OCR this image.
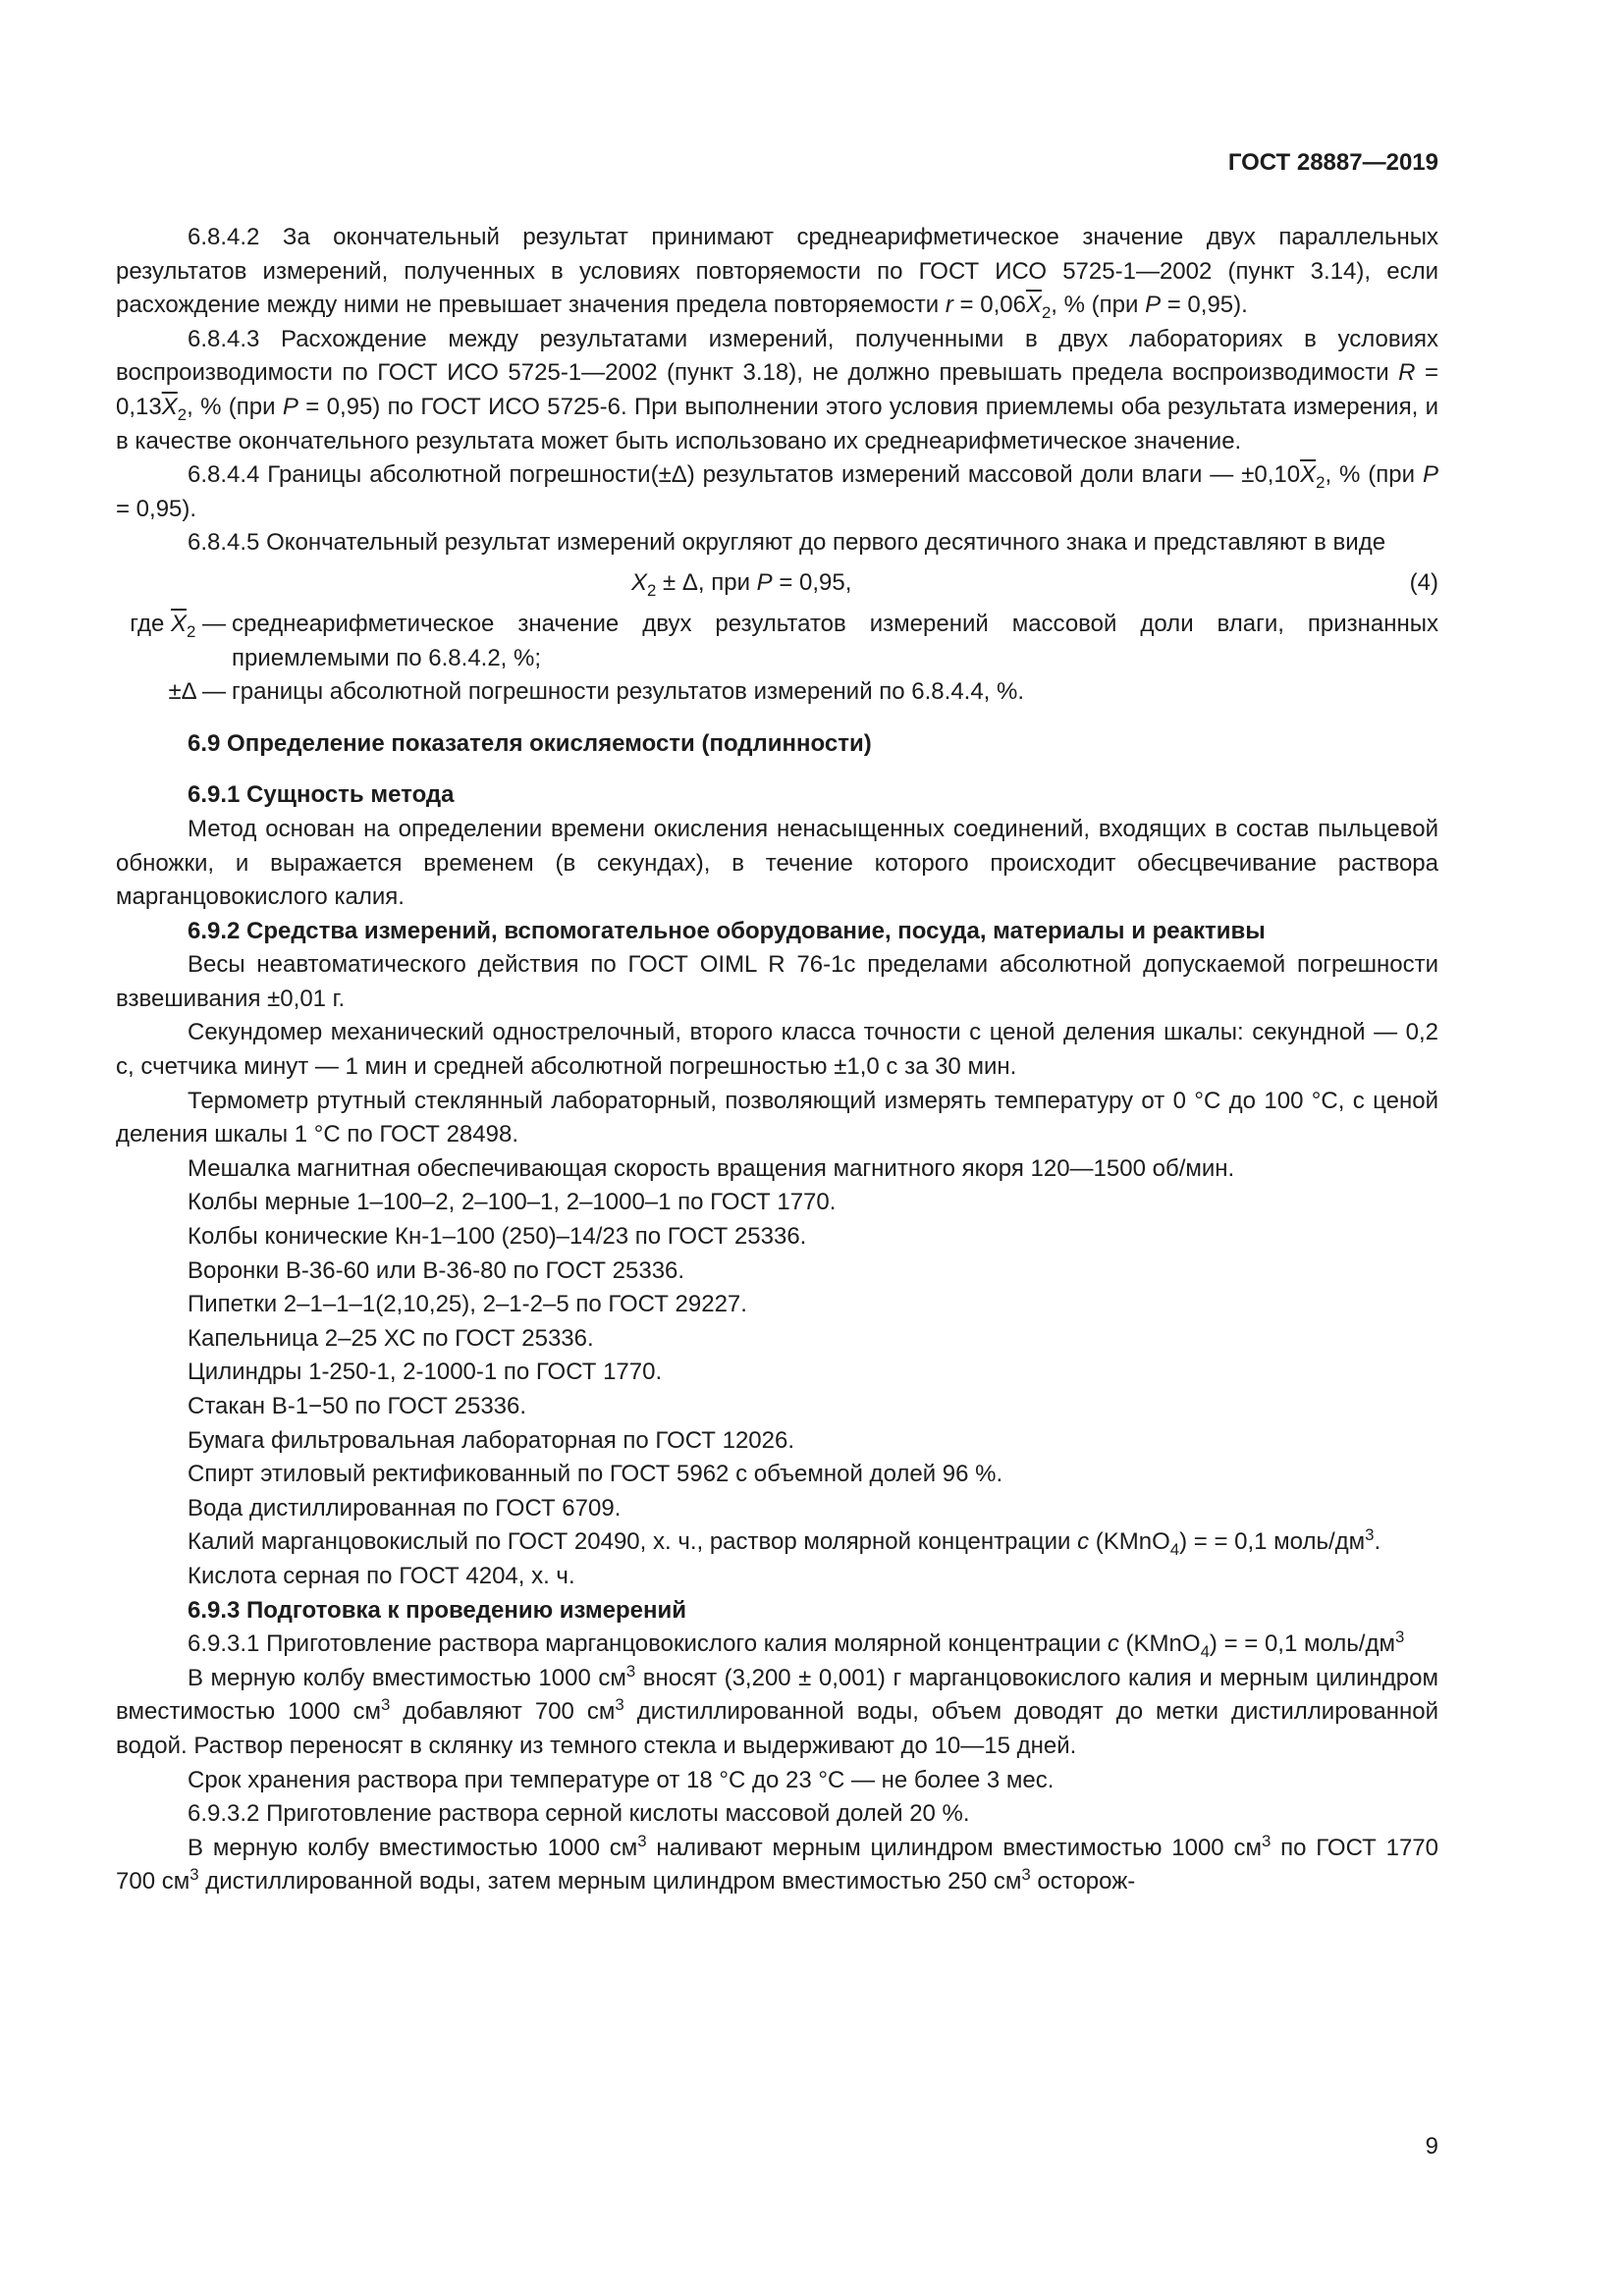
ГОСТ 28887—2019

6.8.4.2 За окончательный результат принимают среднеарифметическое значение двух параллельных результатов измерений, полученных в условиях повторяемости по ГОСТ ИСО 5725-1—2002 (пункт 3.14), если расхождение между ними не превышает значения предела повторяемости $r = 0,06\overline{X}_2$, % (при P = 0,95).

6.8.4.3 Расхождение между результатами измерений, полученными в двух лабораториях в условиях воспроизводимости по ГОСТ ИСО 5725-1—2002 (пункт 3.18), не должно превышать предела воспроизводимости $R = 0,13\overline{X}_2$, % (при P = 0,95) по ГОСТ ИСО 5725-6. При выполнении этого условия приемлемы оба результата измерения, и в качестве окончательного результата может быть использовано их среднеарифметическое значение.

6.8.4.4 Границы абсолютной погрешности(±Δ) результатов измерений массовой доли влаги — $\pm 0,10\overline{X}_2$, % (при P = 0,95).

6.8.4.5 Окончательный результат измерений округляют до первого десятичного знака и представляют в виде

$X_2 \pm \Delta$, при P = 0,95,	(4)
где $\overline{X}_2$ — среднеарифметическое значение двух результатов измерений массовой доли влаги, признанных приемлемыми по 6.8.4.2, %;
±Δ — границы абсолютной погрешности результатов измерений по 6.8.4.4, %.

6.9 Определение показателя окисляемости (подлинности)

6.9.1 Сущность метода

Метод основан на определении времени окисления ненасыщенных соединений, входящих в состав пыльцевой обножки, и выражается временем (в секундах), в течение которого происходит обесцвечивание раствора марганцовокислого калия.

6.9.2 Средства измерений, вспомогательное оборудование, посуда, материалы и реактивы

Весы неавтоматического действия по ГОСТ OIML R 76-1c пределами абсолютной допускаемой погрешности взвешивания ±0,01 г.

Секундомер механический однострелочный, второго класса точности с ценой деления шкалы: секундной — 0,2 с, счетчика минут — 1 мин и средней абсолютной погрешностью ±1,0 с за 30 мин.

Термометр ртутный стеклянный лабораторный, позволяющий измерять температуру от 0 °С до 100 °С, с ценой деления шкалы 1 °С по ГОСТ 28498.

Мешалка магнитная обеспечивающая скорость вращения магнитного якоря 120—1500 об/мин.

Колбы мерные 1–100–2, 2–100–1, 2–1000–1 по ГОСТ 1770.

Колбы конические Кн-1–100 (250)–14/23 по ГОСТ 25336.

Воронки В-36-60 или В-36-80 по ГОСТ 25336.

Пипетки 2–1–1–1(2,10,25), 2–1-2–5 по ГОСТ 29227.

Капельница 2–25 ХС по ГОСТ 25336.

Цилиндры 1-250-1, 2-1000-1 по ГОСТ 1770.

Стакан В-1−50 по ГОСТ 25336.

Бумага фильтровальная лабораторная по ГОСТ 12026.

Спирт этиловый ректификованный по ГОСТ 5962 с объемной долей 96 %.

Вода дистиллированная по ГОСТ 6709.

Калий марганцовокислый по ГОСТ 20490, х. ч., раствор молярной концентрации с (KMnO$_4$) = = 0,1 моль/$дм^3$.

Кислота серная по ГОСТ 4204, х. ч.

6.9.3 Подготовка к проведению измерений

6.9.3.1 Приготовление раствора марганцовокислого калия молярной концентрации с (KMnO$_4$) = = 0,1 моль/$дм^3$

В мерную колбу вместимостью 1000 $см^3$ вносят (3,200 ± 0,001) г марганцовокислого калия и мерным цилиндром вместимостью 1000 $см^3$ добавляют 700 $см^3$ дистиллированной воды, объем доводят до метки дистиллированной водой. Раствор переносят в склянку из темного стекла и выдерживают до 10—15 дней.

Срок хранения раствора при температуре от 18 °С до 23 °С — не более 3 мес.

6.9.3.2 Приготовление раствора серной кислоты массовой долей 20 %.

В мерную колбу вместимостью 1000 $см^3$ наливают мерным цилиндром вместимостью 1000 $см^3$ по ГОСТ 1770 700 $см^3$ дистиллированной воды, затем мерным цилиндром вместимостью 250 $см^3$ осторож-

9
